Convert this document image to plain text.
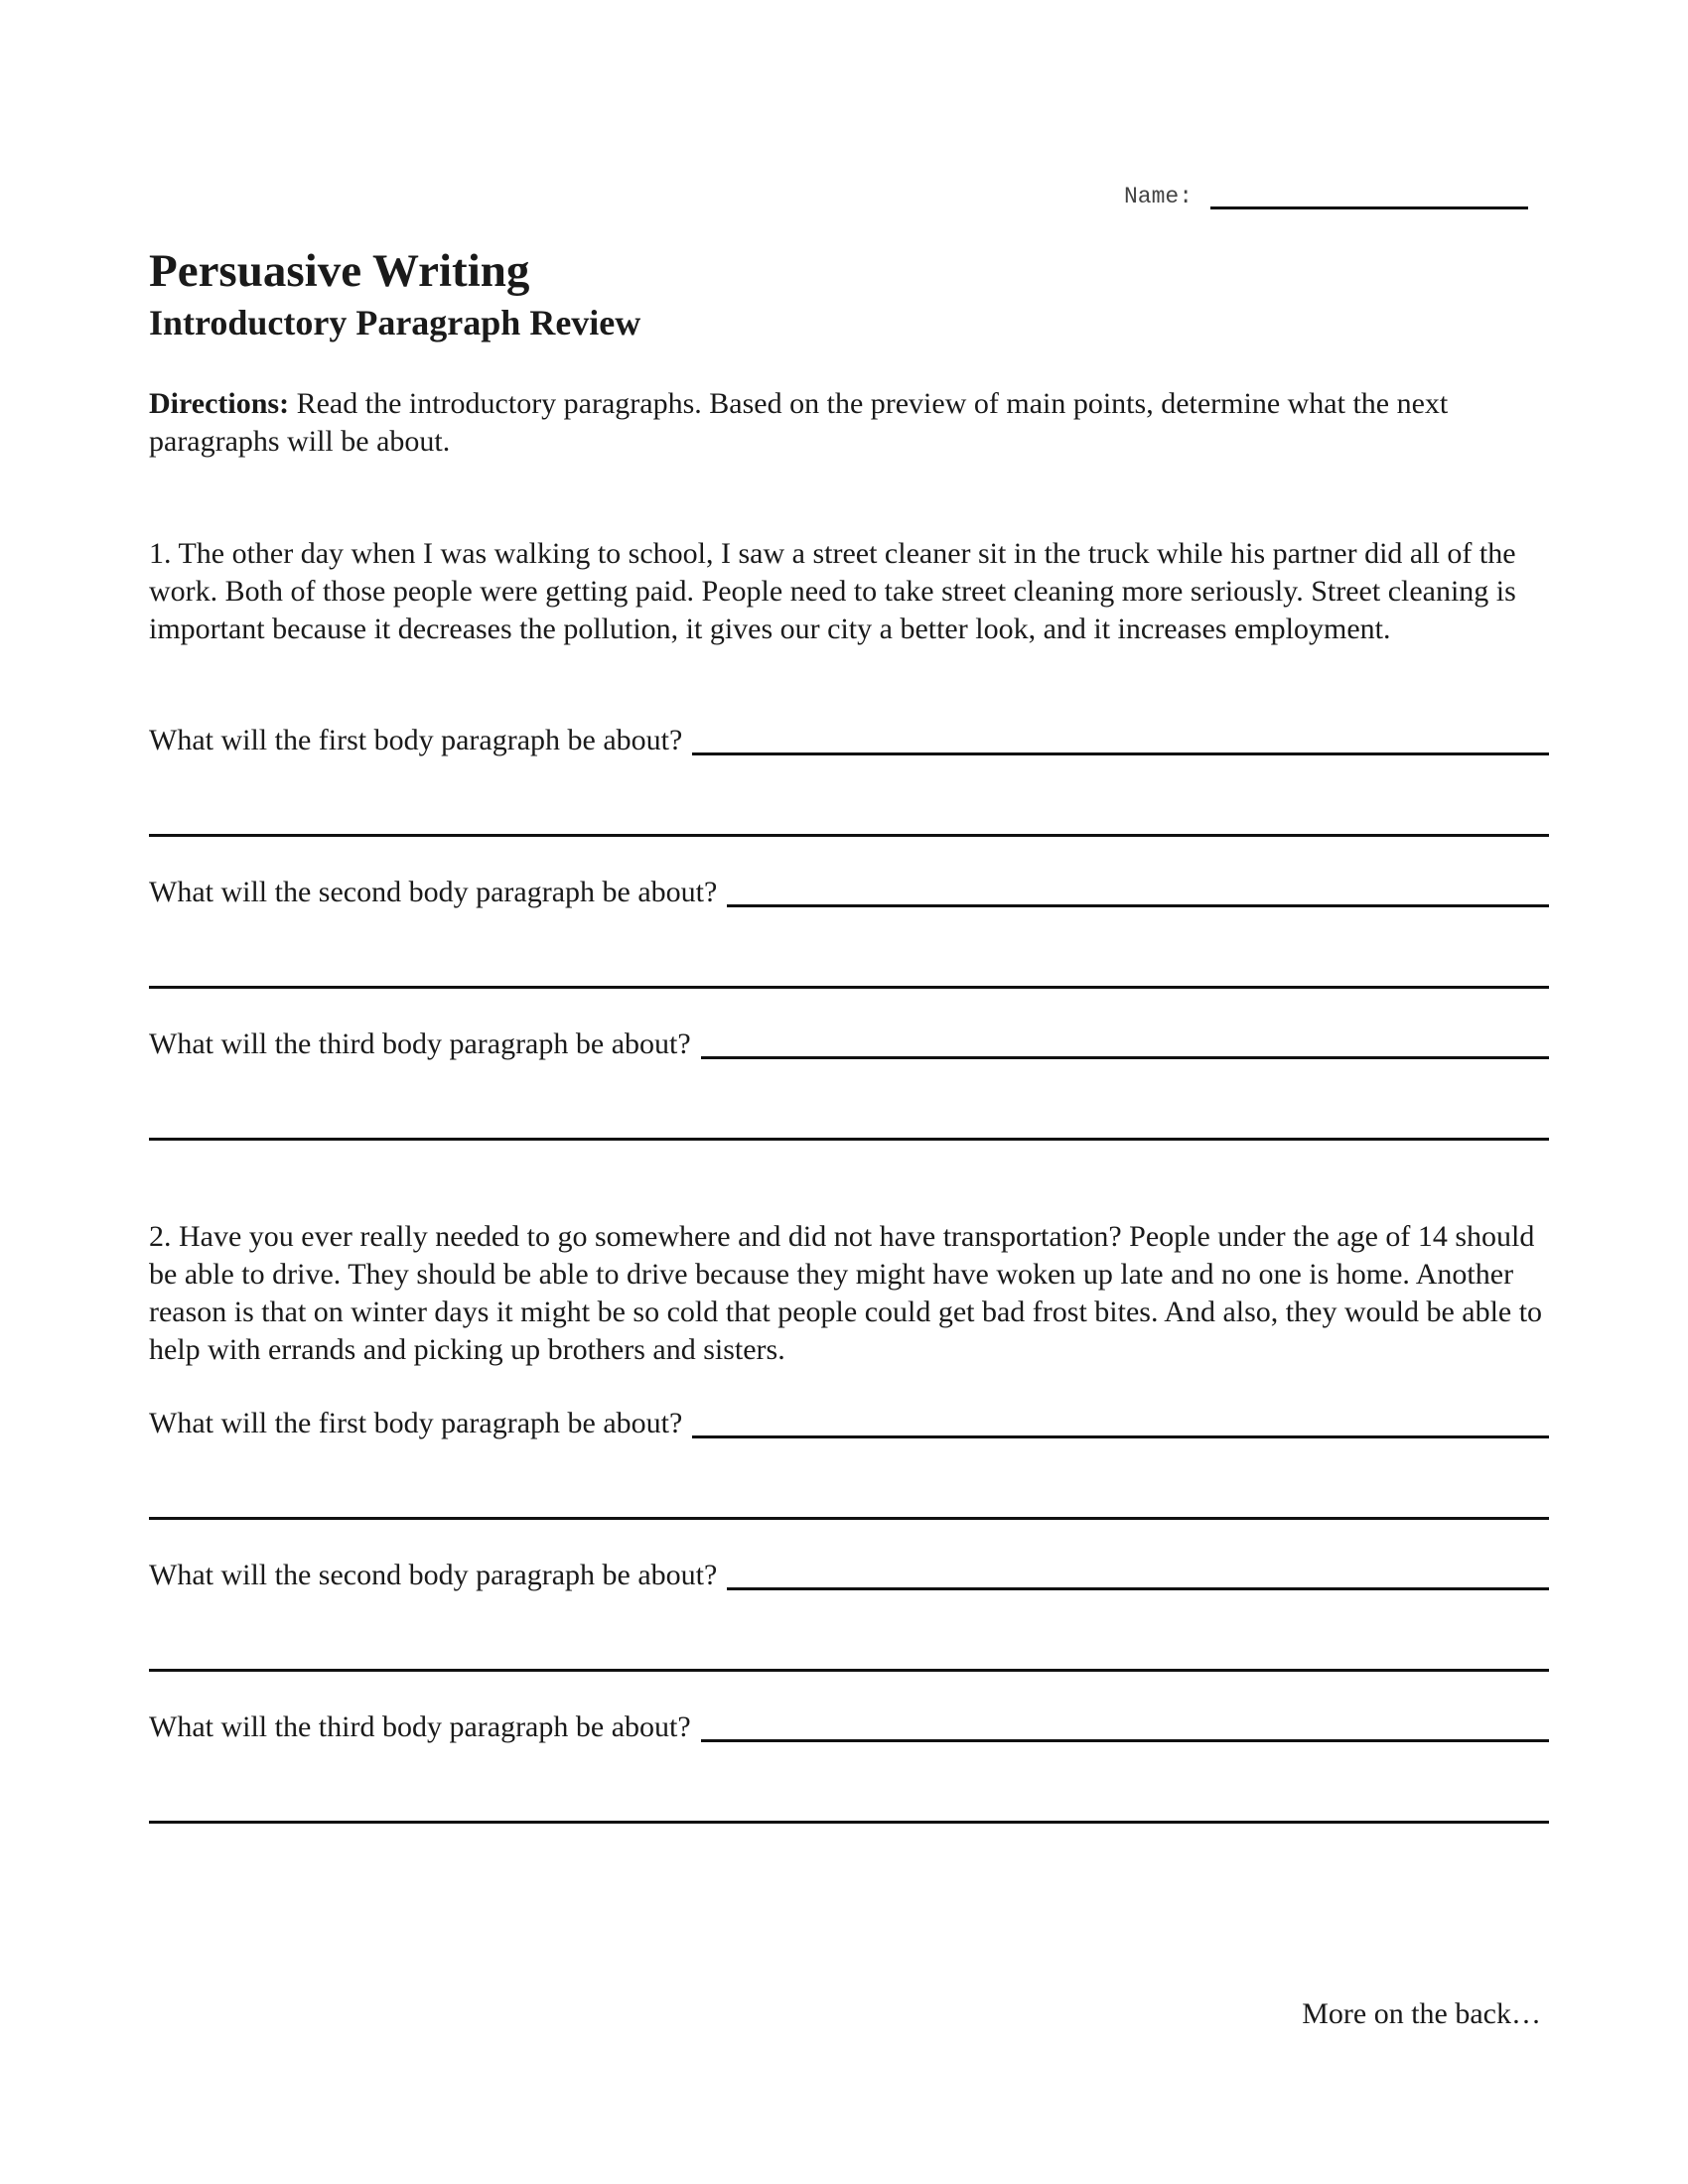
Name:
Persuasive Writing
Introductory Paragraph Review

Directions: Read the introductory paragraphs. Based on the preview of main points, determine what the next paragraphs will be about.

1. The other day when I was walking to school, I saw a street cleaner sit in the truck while his partner did all of the work. Both of those people were getting paid. People need to take street cleaning more seriously. Street cleaning is important because it decreases the pollution, it gives our city a better look, and it increases employment.

What will the first body paragraph be about?
What will the second body paragraph be about?
What will the third body paragraph be about?

2. Have you ever really needed to go somewhere and did not have transportation? People under the age of 14 should be able to drive. They should be able to drive because they might have woken up late and no one is home. Another reason is that on winter days it might be so cold that people could get bad frost bites. And also, they would be able to help with errands and picking up brothers and sisters.

What will the first body paragraph be about?
What will the second body paragraph be about?
What will the third body paragraph be about?
More on the back…
